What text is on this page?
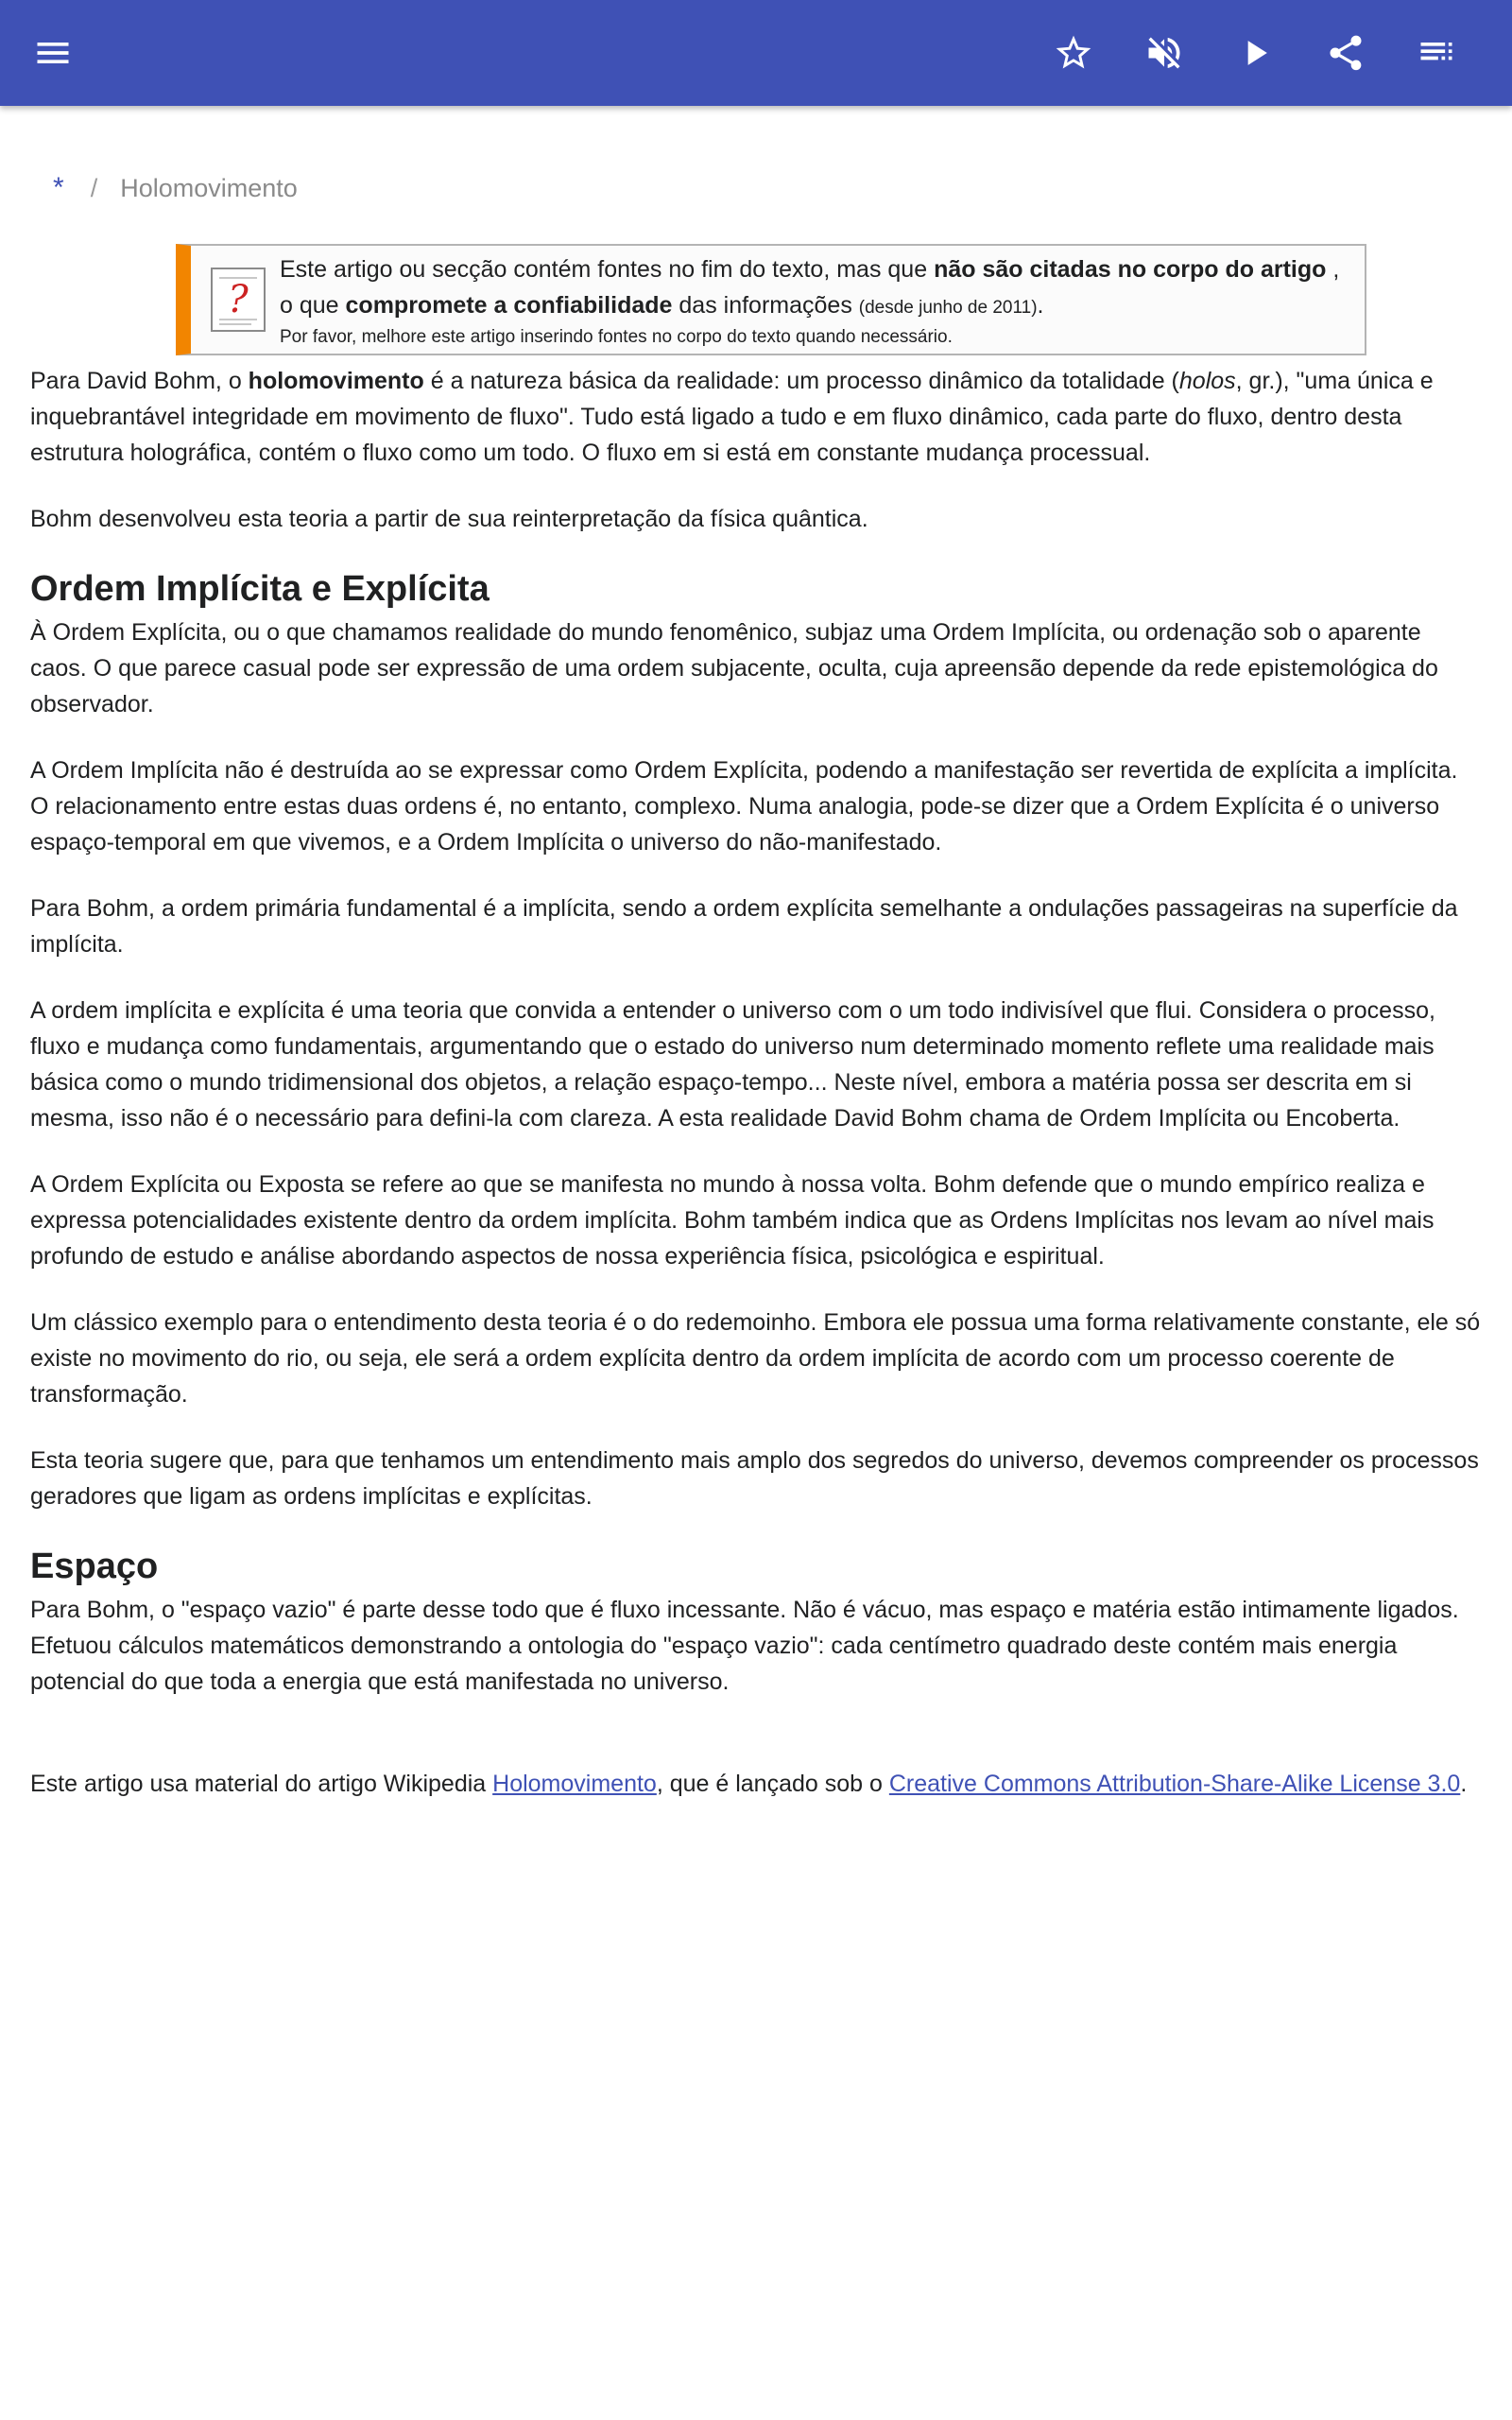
* / Holomovimento
?
Este artigo ou secção contém fontes no fim do texto, mas que não são citadas no corpo do artigo , o que compromete a confiabilidade das informações (desde junho de 2011).
Por favor, melhore este artigo inserindo fontes no corpo do texto quando necessário.

Para David Bohm, o holomovimento é a natureza básica da realidade: um processo dinâmico da totalidade (holos, gr.), "uma única e inquebrantável integridade em movimento de fluxo". Tudo está ligado a tudo e em fluxo dinâmico, cada parte do fluxo, dentro desta estrutura holográfica, contém o fluxo como um todo. O fluxo em si está em constante mudança processual.

Bohm desenvolveu esta teoria a partir de sua reinterpretação da física quântica.

Ordem Implícita e Explícita

À Ordem Explícita, ou o que chamamos realidade do mundo fenomênico, subjaz uma Ordem Implícita, ou ordenação sob o aparente caos. O que parece casual pode ser expressão de uma ordem subjacente, oculta, cuja apreensão depende da rede epistemológica do observador.

A Ordem Implícita não é destruída ao se expressar como Ordem Explícita, podendo a manifestação ser revertida de explícita a implícita. O relacionamento entre estas duas ordens é, no entanto, complexo. Numa analogia, pode-se dizer que a Ordem Explícita é o universo espaço-temporal em que vivemos, e a Ordem Implícita o universo do não-manifestado.

Para Bohm, a ordem primária fundamental é a implícita, sendo a ordem explícita semelhante a ondulações passageiras na superfície da implícita.

A ordem implícita e explícita é uma teoria que convida a entender o universo com o um todo indivisível que flui. Considera o processo, fluxo e mudança como fundamentais, argumentando que o estado do universo num determinado momento reflete uma realidade mais básica como o mundo tridimensional dos objetos, a relação espaço-tempo... Neste nível, embora a matéria possa ser descrita em si mesma, isso não é o necessário para defini-la com clareza. A esta realidade David Bohm chama de Ordem Implícita ou Encoberta.

A Ordem Explícita ou Exposta se refere ao que se manifesta no mundo à nossa volta. Bohm defende que o mundo empírico realiza e expressa potencialidades existente dentro da ordem implícita. Bohm também indica que as Ordens Implícitas nos levam ao nível mais profundo de estudo e análise abordando aspectos de nossa experiência física, psicológica e espiritual.

Um clássico exemplo para o entendimento desta teoria é o do redemoinho. Embora ele possua uma forma relativamente constante, ele só existe no movimento do rio, ou seja, ele será a ordem explícita dentro da ordem implícita de acordo com um processo coerente de transformação.

Esta teoria sugere que, para que tenhamos um entendimento mais amplo dos segredos do universo, devemos compreender os processos geradores que ligam as ordens implícitas e explícitas.

Espaço

Para Bohm, o "espaço vazio" é parte desse todo que é fluxo incessante. Não é vácuo, mas espaço e matéria estão intimamente ligados. Efetuou cálculos matemáticos demonstrando a ontologia do "espaço vazio": cada centímetro quadrado deste contém mais energia potencial do que toda a energia que está manifestada no universo.

Este artigo usa material do artigo Wikipedia Holomovimento, que é lançado sob o Creative Commons Attribution-Share-Alike License 3.0.
